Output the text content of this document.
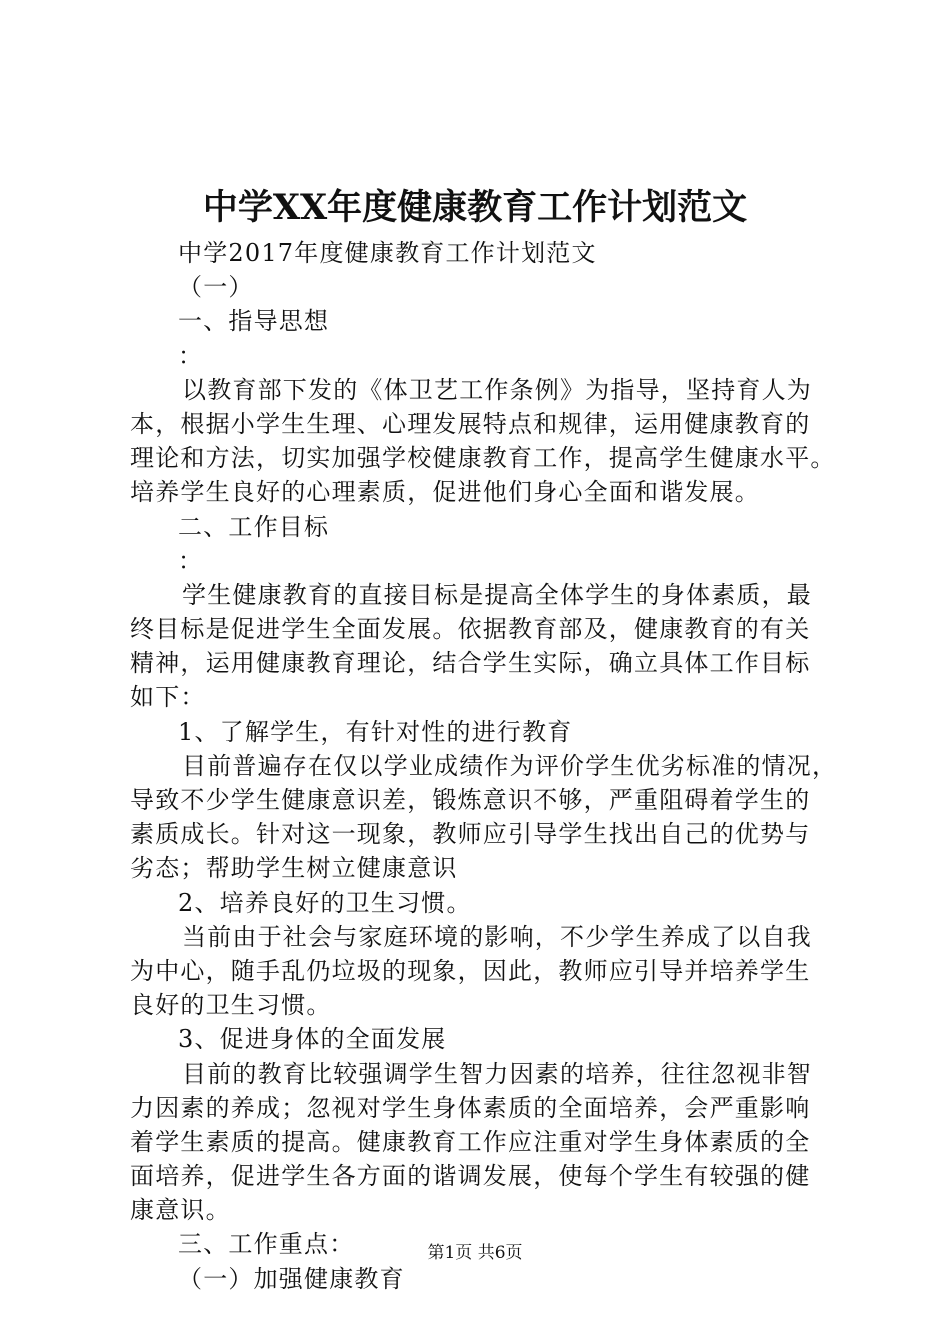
中学XX年度健康教育工作计划范文
中学2017年度健康教育工作计划范文
（一）
一、指导思想
：
以教育部下发的《体卫艺工作条例》为指导，坚持育人为
本，根据小学生生理、心理发展特点和规律，运用健康教育的
理论和方法，切实加强学校健康教育工作，提高学生健康水平。
培养学生良好的心理素质，促进他们身心全面和谐发展。
二、工作目标
：
学生健康教育的直接目标是提高全体学生的身体素质，最
终目标是促进学生全面发展。依据教育部及，健康教育的有关
精神，运用健康教育理论，结合学生实际，确立具体工作目标
如下：
1、了解学生，有针对性的进行教育
目前普遍存在仅以学业成绩作为评价学生优劣标准的情况，
导致不少学生健康意识差，锻炼意识不够，严重阻碍着学生的
素质成长。针对这一现象，教师应引导学生找出自己的优势与
劣态；帮助学生树立健康意识
2、培养良好的卫生习惯。
当前由于社会与家庭环境的影响，不少学生养成了以自我
为中心，随手乱仍垃圾的现象，因此，教师应引导并培养学生
良好的卫生习惯。
3、促进身体的全面发展
目前的教育比较强调学生智力因素的培养，往往忽视非智
力因素的养成；忽视对学生身体素质的全面培养，会严重影响
着学生素质的提高。健康教育工作应注重对学生身体素质的全
面培养，促进学生各方面的谐调发展，使每个学生有较强的健
康意识。
三、工作重点：
（一）加强健康教育
第1页 共6页
